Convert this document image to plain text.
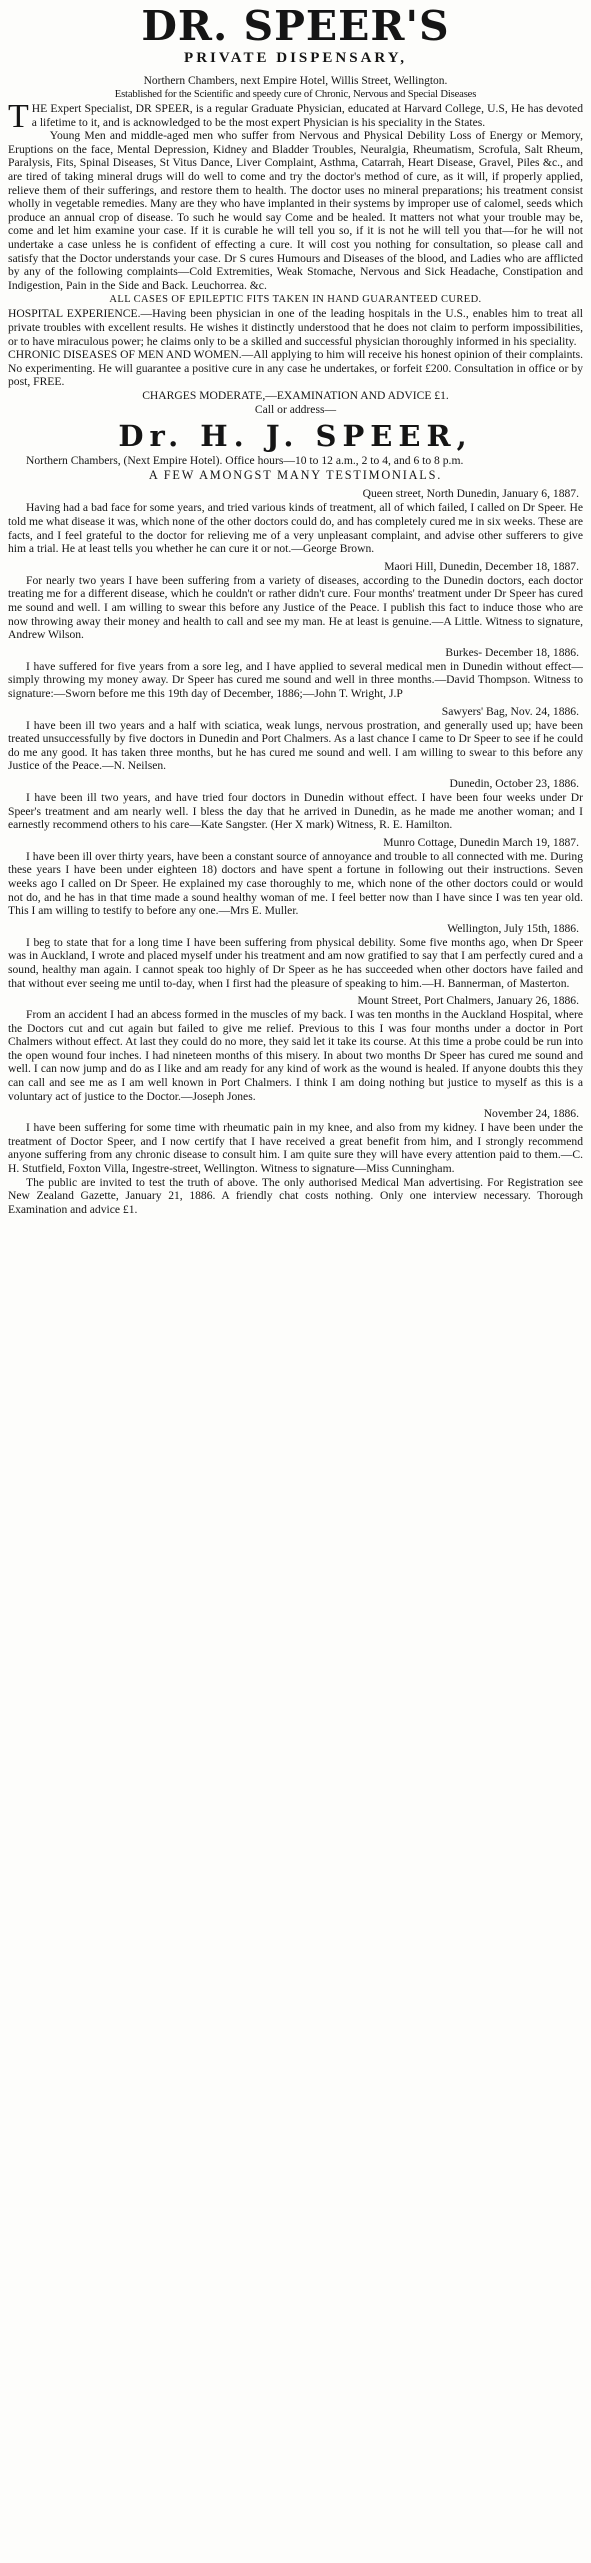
DR. SPEER'S
PRIVATE DISPENSARY,
Northern Chambers, next Empire Hotel, Willis Street, Wellington.
Established for the Scientific and speedy cure of Chronic, Nervous and Special Diseases

THE Expert Specialist, DR SPEER, is a regular Graduate Physician, educated at Harvard College, U.S, He has devoted a lifetime to it, and is acknowledged to be the most expert Physician is his speciality in the States.

Young Men and middle-aged men who suffer from Nervous and Physical Debility Loss of Energy or Memory, Eruptions on the face, Mental Depression, Kidney and Bladder Troubles, Neuralgia, Rheumatism, Scrofula, Salt Rheum, Paralysis, Fits, Spinal Diseases, St Vitus Dance, Liver Complaint, Asthma, Catarrah, Heart Disease, Gravel, Piles &c., and are tired of taking mineral drugs will do well to come and try the doctor's method of cure, as it will, if properly applied, relieve them of their sufferings, and restore them to health. The doctor uses no mineral preparations; his treatment consist wholly in vegetable remedies. Many are they who have implanted in their systems by improper use of calomel, seeds which produce an annual crop of disease. To such he would say Come and be healed. It matters not what your trouble may be, come and let him examine your case. If it is curable he will tell you so, if it is not he will tell you that—for he will not undertake a case unless he is confident of effecting a cure. It will cost you nothing for consultation, so please call and satisfy that the Doctor understands your case. Dr S cures Humours and Diseases of the blood, and Ladies who are afflicted by any of the following complaints—Cold Extremities, Weak Stomache, Nervous and Sick Headache, Constipation and Indigestion, Pain in the Side and Back. Leuchorrea. &c.

ALL CASES OF EPILEPTIC FITS TAKEN IN HAND GUARANTEED CURED.

HOSPITAL EXPERIENCE.—Having been physician in one of the leading hospitals in the U.S., enables him to treat all private troubles with excellent results. He wishes it distinctly understood that he does not claim to perform impossibilities, or to have miraculous power; he claims only to be a skilled and successful physician thoroughly informed in his speciality.

CHRONIC DISEASES OF MEN AND WOMEN.—All applying to him will receive his honest opinion of their complaints. No experimenting. He will guarantee a positive cure in any case he undertakes, or forfeit £200. Consultation in office or by post, FREE.

CHARGES MODERATE,—EXAMINATION AND ADVICE £1.
Call or address—
Dr. H. J. SPEER,

Northern Chambers, (Next Empire Hotel). Office hours—10 to 12 a.m., 2 to 4, and 6 to 8 p.m.

A FEW AMONGST MANY TESTIMONIALS.
Queen street, North Dunedin, January 6, 1887.

Having had a bad face for some years, and tried various kinds of treatment, all of which failed, I called on Dr Speer. He told me what disease it was, which none of the other doctors could do, and has completely cured me in six weeks. These are facts, and I feel grateful to the doctor for relieving me of a very unpleasant complaint, and advise other sufferers to give him a trial. He at least tells you whether he can cure it or not.—George Brown.

Maori Hill, Dunedin, December 18, 1887.

For nearly two years I have been suffering from a variety of diseases, according to the Dunedin doctors, each doctor treating me for a different disease, which he couldn't or rather didn't cure. Four months' treatment under Dr Speer has cured me sound and well. I am willing to swear this before any Justice of the Peace. I publish this fact to induce those who are now throwing away their money and health to call and see my man. He at least is genuine.—A Little. Witness to signature, Andrew Wilson.

Burkes- December 18, 1886.

I have suffered for five years from a sore leg, and I have applied to several medical men in Dunedin without effect—simply throwing my money away. Dr Speer has cured me sound and well in three months.—David Thompson. Witness to signature:—Sworn before me this 19th day of December, 1886;—John T. Wright, J.P

Sawyers' Bag, Nov. 24, 1886.

I have been ill two years and a half with sciatica, weak lungs, nervous prostration, and generally used up; have been treated unsuccessfully by five doctors in Dunedin and Port Chalmers. As a last chance I came to Dr Speer to see if he could do me any good. It has taken three months, but he has cured me sound and well. I am willing to swear to this before any Justice of the Peace.—N. Neilsen.

Dunedin, October 23, 1886.

I have been ill two years, and have tried four doctors in Dunedin without effect. I have been four weeks under Dr Speer's treatment and am nearly well. I bless the day that he arrived in Dunedin, as he made me another woman; and I earnestly recommend others to his care—Kate Sangster. (Her X mark) Witness, R. E. Hamilton.

Munro Cottage, Dunedin March 19, 1887.

I have been ill over thirty years, have been a constant source of annoyance and trouble to all connected with me. During these years I have been under eighteen 18) doctors and have spent a fortune in following out their instructions. Seven weeks ago I called on Dr Speer. He explained my case thoroughly to me, which none of the other doctors could or would not do, and he has in that time made a sound healthy woman of me. I feel better now than I have since I was ten year old. This I am willing to testify to before any one.—Mrs E. Muller.

Wellington, July 15th, 1886.

I beg to state that for a long time I have been suffering from physical debility. Some five months ago, when Dr Speer was in Auckland, I wrote and placed myself under his treatment and am now gratified to say that I am perfectly cured and a sound, healthy man again. I cannot speak too highly of Dr Speer as he has succeeded when other doctors have failed and that without ever seeing me until to-day, when I first had the pleasure of speaking to him.—H. Bannerman, of Masterton.

Mount Street, Port Chalmers, January 26, 1886.

From an accident I had an abcess formed in the muscles of my back. I was ten months in the Auckland Hospital, where the Doctors cut and cut again but failed to give me relief. Previous to this I was four months under a doctor in Port Chalmers without effect. At last they could do no more, they said let it take its course. At this time a probe could be run into the open wound four inches. I had nineteen months of this misery. In about two months Dr Speer has cured me sound and well. I can now jump and do as I like and am ready for any kind of work as the wound is healed. If anyone doubts this they can call and see me as I am well known in Port Chalmers. I think I am doing nothing but justice to myself as this is a voluntary act of justice to the Doctor.—Joseph Jones.

November 24, 1886.

I have been suffering for some time with rheumatic pain in my knee, and also from my kidney. I have been under the treatment of Doctor Speer, and I now certify that I have received a great benefit from him, and I strongly recommend anyone suffering from any chronic disease to consult him. I am quite sure they will have every attention paid to them.—C. H. Stutfield, Foxton Villa, Ingestre-street, Wellington. Witness to signature—Miss Cunningham.

The public are invited to test the truth of above. The only authorised Medical Man advertising. For Registration see New Zealand Gazette, January 21, 1886. A friendly chat costs nothing. Only one interview necessary. Thorough Examination and advice £1.
